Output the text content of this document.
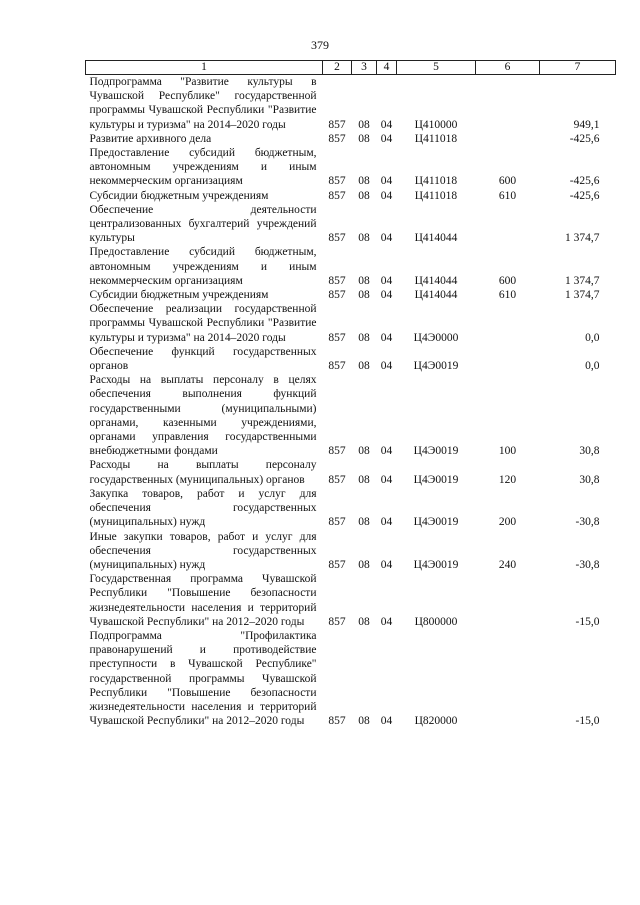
379
1	2	3	4	5	6	7
Подпрограмма "Развитие культуры в Чувашской Республике" государственной программы Чувашской Республики "Развитие культуры и туризма" на 2014–2020 годы	857	08	04	Ц410000		949,1
Развитие архивного дела	857	08	04	Ц411018		-425,6
Предоставление субсидий бюджетным, автономным учреждениям и иным некоммерческим организациям	857	08	04	Ц411018	600	-425,6
Субсидии бюджетным учреждениям	857	08	04	Ц411018	610	-425,6
Обеспечение деятельности централизованных бухгалтерий учреждений культуры	857	08	04	Ц414044		1 374,7
Предоставление субсидий бюджетным, автономным учреждениям и иным некоммерческим организациям	857	08	04	Ц414044	600	1 374,7
Субсидии бюджетным учреждениям	857	08	04	Ц414044	610	1 374,7
Обеспечение реализации государственной программы Чувашской Республики "Развитие культуры и туризма" на 2014–2020 годы	857	08	04	Ц4Э0000		0,0
Обеспечение функций государственных органов	857	08	04	Ц4Э0019		0,0
Расходы на выплаты персоналу в целях обеспечения выполнения функций государственными (муниципальными) органами, казенными учреждениями, органами управления государственными внебюджетными фондами	857	08	04	Ц4Э0019	100	30,8
Расходы на выплаты персоналу государственных (муниципальных) органов	857	08	04	Ц4Э0019	120	30,8
Закупка товаров, работ и услуг для обеспечения государственных (муниципальных) нужд	857	08	04	Ц4Э0019	200	-30,8
Иные закупки товаров, работ и услуг для обеспечения государственных (муниципальных) нужд	857	08	04	Ц4Э0019	240	-30,8
Государственная программа Чувашской Республики "Повышение безопасности жизнедеятельности населения и территорий Чувашской Республики" на 2012–2020 годы	857	08	04	Ц800000		-15,0
Подпрограмма "Профилактика правонарушений и противодействие преступности в Чувашской Республике" государственной программы Чувашской Республики "Повышение безопасности жизнедеятельности населения и территорий Чувашской Республики" на 2012–2020 годы	857	08	04	Ц820000		-15,0
